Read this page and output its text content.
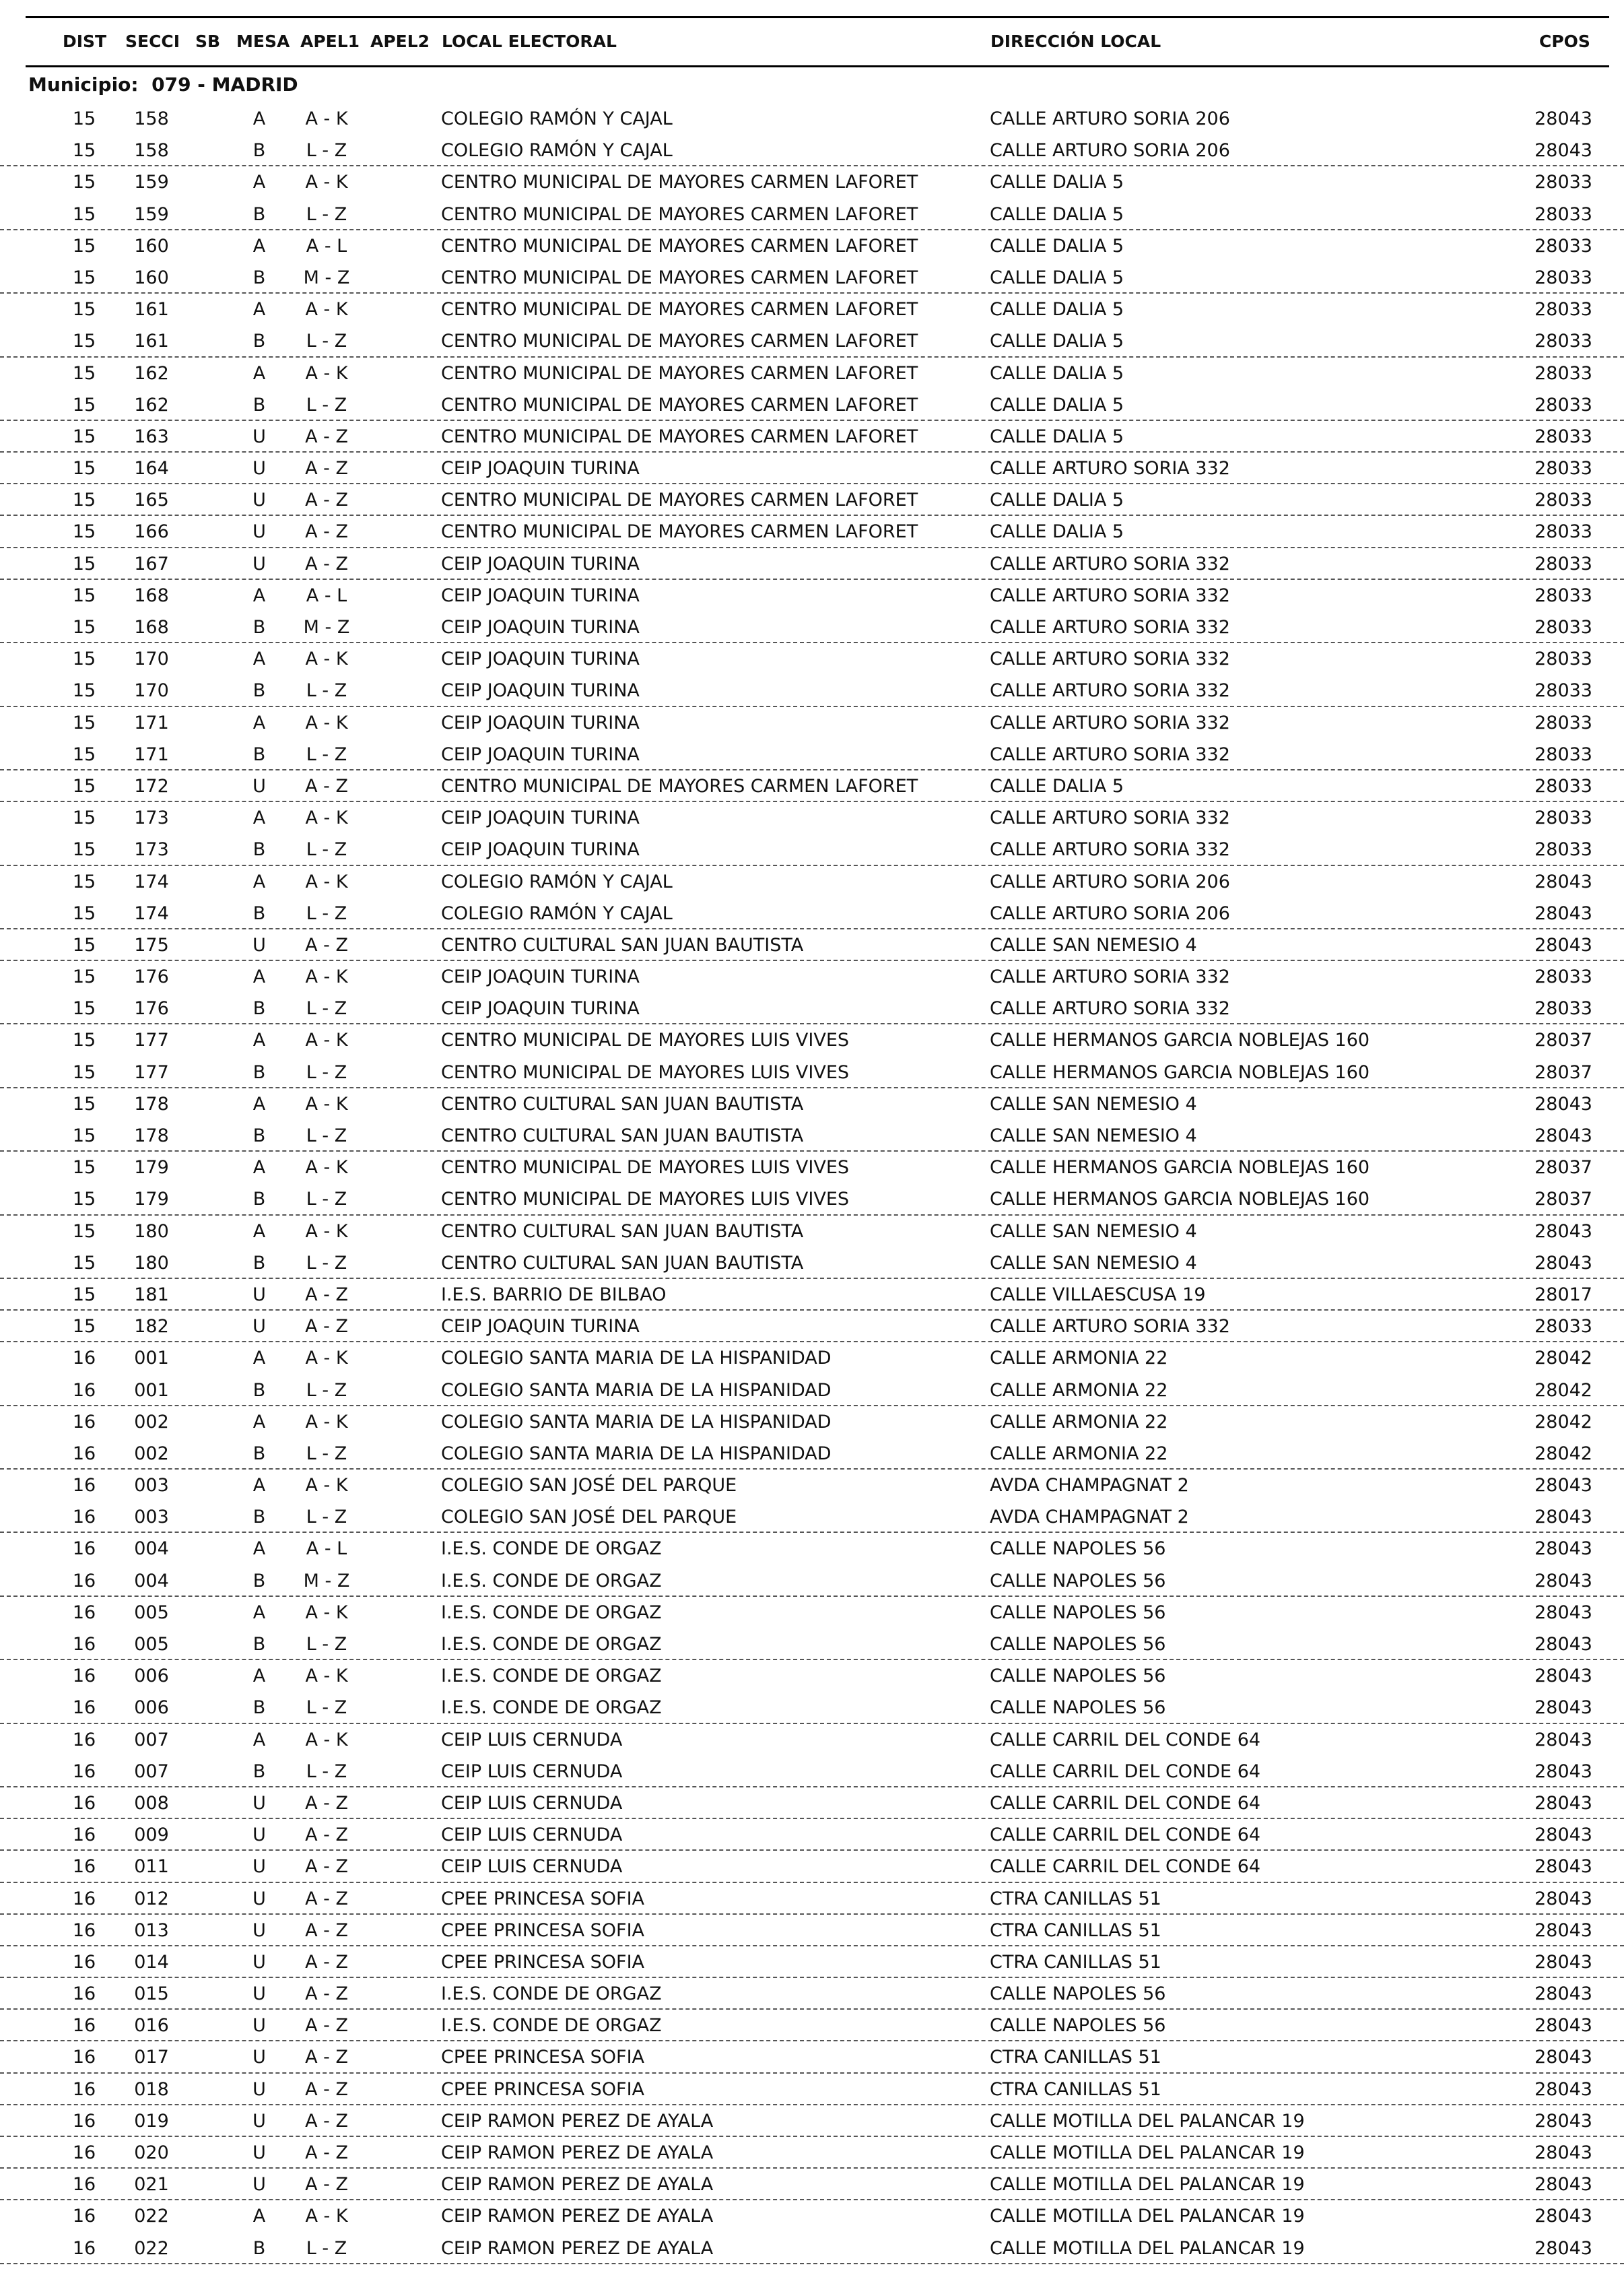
DIST SECCI SB MESA APEL1 APEL2 LOCAL ELECTORAL	DIRECCIÓN LOCAL	CPOS
Municipio: 079 - MADRID
15	158	A	A - K	COLEGIO RAMÓN Y CAJAL	CALLE ARTURO SORIA 206	28043
15	158	B	L - Z	COLEGIO RAMÓN Y CAJAL	CALLE ARTURO SORIA 206	28043
15	159	A	A - K	CENTRO MUNICIPAL DE MAYORES CARMEN LAFORET	CALLE DALIA 5	28033
15	159	B	L - Z	CENTRO MUNICIPAL DE MAYORES CARMEN LAFORET	CALLE DALIA 5	28033
15	160	A	A - L	CENTRO MUNICIPAL DE MAYORES CARMEN LAFORET	CALLE DALIA 5	28033
15	160	B	M - Z	CENTRO MUNICIPAL DE MAYORES CARMEN LAFORET	CALLE DALIA 5	28033
15	161	A	A - K	CENTRO MUNICIPAL DE MAYORES CARMEN LAFORET	CALLE DALIA 5	28033
15	161	B	L - Z	CENTRO MUNICIPAL DE MAYORES CARMEN LAFORET	CALLE DALIA 5	28033
15	162	A	A - K	CENTRO MUNICIPAL DE MAYORES CARMEN LAFORET	CALLE DALIA 5	28033
15	162	B	L - Z	CENTRO MUNICIPAL DE MAYORES CARMEN LAFORET	CALLE DALIA 5	28033
15	163	U	A - Z	CENTRO MUNICIPAL DE MAYORES CARMEN LAFORET	CALLE DALIA 5	28033
15	164	U	A - Z	CEIP JOAQUIN TURINA	CALLE ARTURO SORIA 332	28033
15	165	U	A - Z	CENTRO MUNICIPAL DE MAYORES CARMEN LAFORET	CALLE DALIA 5	28033
15	166	U	A - Z	CENTRO MUNICIPAL DE MAYORES CARMEN LAFORET	CALLE DALIA 5	28033
15	167	U	A - Z	CEIP JOAQUIN TURINA	CALLE ARTURO SORIA 332	28033
15	168	A	A - L	CEIP JOAQUIN TURINA	CALLE ARTURO SORIA 332	28033
15	168	B	M - Z	CEIP JOAQUIN TURINA	CALLE ARTURO SORIA 332	28033
15	170	A	A - K	CEIP JOAQUIN TURINA	CALLE ARTURO SORIA 332	28033
15	170	B	L - Z	CEIP JOAQUIN TURINA	CALLE ARTURO SORIA 332	28033
15	171	A	A - K	CEIP JOAQUIN TURINA	CALLE ARTURO SORIA 332	28033
15	171	B	L - Z	CEIP JOAQUIN TURINA	CALLE ARTURO SORIA 332	28033
15	172	U	A - Z	CENTRO MUNICIPAL DE MAYORES CARMEN LAFORET	CALLE DALIA 5	28033
15	173	A	A - K	CEIP JOAQUIN TURINA	CALLE ARTURO SORIA 332	28033
15	173	B	L - Z	CEIP JOAQUIN TURINA	CALLE ARTURO SORIA 332	28033
15	174	A	A - K	COLEGIO RAMÓN Y CAJAL	CALLE ARTURO SORIA 206	28043
15	174	B	L - Z	COLEGIO RAMÓN Y CAJAL	CALLE ARTURO SORIA 206	28043
15	175	U	A - Z	CENTRO CULTURAL SAN JUAN BAUTISTA	CALLE SAN NEMESIO 4	28043
15	176	A	A - K	CEIP JOAQUIN TURINA	CALLE ARTURO SORIA 332	28033
15	176	B	L - Z	CEIP JOAQUIN TURINA	CALLE ARTURO SORIA 332	28033
15	177	A	A - K	CENTRO MUNICIPAL DE MAYORES LUIS VIVES	CALLE HERMANOS GARCIA NOBLEJAS 160	28037
15	177	B	L - Z	CENTRO MUNICIPAL DE MAYORES LUIS VIVES	CALLE HERMANOS GARCIA NOBLEJAS 160	28037
15	178	A	A - K	CENTRO CULTURAL SAN JUAN BAUTISTA	CALLE SAN NEMESIO 4	28043
15	178	B	L - Z	CENTRO CULTURAL SAN JUAN BAUTISTA	CALLE SAN NEMESIO 4	28043
15	179	A	A - K	CENTRO MUNICIPAL DE MAYORES LUIS VIVES	CALLE HERMANOS GARCIA NOBLEJAS 160	28037
15	179	B	L - Z	CENTRO MUNICIPAL DE MAYORES LUIS VIVES	CALLE HERMANOS GARCIA NOBLEJAS 160	28037
15	180	A	A - K	CENTRO CULTURAL SAN JUAN BAUTISTA	CALLE SAN NEMESIO 4	28043
15	180	B	L - Z	CENTRO CULTURAL SAN JUAN BAUTISTA	CALLE SAN NEMESIO 4	28043
15	181	U	A - Z	I.E.S. BARRIO DE BILBAO	CALLE VILLAESCUSA 19	28017
15	182	U	A - Z	CEIP JOAQUIN TURINA	CALLE ARTURO SORIA 332	28033
16	001	A	A - K	COLEGIO SANTA MARIA DE LA HISPANIDAD	CALLE ARMONIA 22	28042
16	001	B	L - Z	COLEGIO SANTA MARIA DE LA HISPANIDAD	CALLE ARMONIA 22	28042
16	002	A	A - K	COLEGIO SANTA MARIA DE LA HISPANIDAD	CALLE ARMONIA 22	28042
16	002	B	L - Z	COLEGIO SANTA MARIA DE LA HISPANIDAD	CALLE ARMONIA 22	28042
16	003	A	A - K	COLEGIO SAN JOSÉ DEL PARQUE	AVDA CHAMPAGNAT 2	28043
16	003	B	L - Z	COLEGIO SAN JOSÉ DEL PARQUE	AVDA CHAMPAGNAT 2	28043
16	004	A	A - L	I.E.S. CONDE DE ORGAZ	CALLE NAPOLES 56	28043
16	004	B	M - Z	I.E.S. CONDE DE ORGAZ	CALLE NAPOLES 56	28043
16	005	A	A - K	I.E.S. CONDE DE ORGAZ	CALLE NAPOLES 56	28043
16	005	B	L - Z	I.E.S. CONDE DE ORGAZ	CALLE NAPOLES 56	28043
16	006	A	A - K	I.E.S. CONDE DE ORGAZ	CALLE NAPOLES 56	28043
16	006	B	L - Z	I.E.S. CONDE DE ORGAZ	CALLE NAPOLES 56	28043
16	007	A	A - K	CEIP LUIS CERNUDA	CALLE CARRIL DEL CONDE 64	28043
16	007	B	L - Z	CEIP LUIS CERNUDA	CALLE CARRIL DEL CONDE 64	28043
16	008	U	A - Z	CEIP LUIS CERNUDA	CALLE CARRIL DEL CONDE 64	28043
16	009	U	A - Z	CEIP LUIS CERNUDA	CALLE CARRIL DEL CONDE 64	28043
16	011	U	A - Z	CEIP LUIS CERNUDA	CALLE CARRIL DEL CONDE 64	28043
16	012	U	A - Z	CPEE PRINCESA SOFIA	CTRA CANILLAS 51	28043
16	013	U	A - Z	CPEE PRINCESA SOFIA	CTRA CANILLAS 51	28043
16	014	U	A - Z	CPEE PRINCESA SOFIA	CTRA CANILLAS 51	28043
16	015	U	A - Z	I.E.S. CONDE DE ORGAZ	CALLE NAPOLES 56	28043
16	016	U	A - Z	I.E.S. CONDE DE ORGAZ	CALLE NAPOLES 56	28043
16	017	U	A - Z	CPEE PRINCESA SOFIA	CTRA CANILLAS 51	28043
16	018	U	A - Z	CPEE PRINCESA SOFIA	CTRA CANILLAS 51	28043
16	019	U	A - Z	CEIP RAMON PEREZ DE AYALA	CALLE MOTILLA DEL PALANCAR 19	28043
16	020	U	A - Z	CEIP RAMON PEREZ DE AYALA	CALLE MOTILLA DEL PALANCAR 19	28043
16	021	U	A - Z	CEIP RAMON PEREZ DE AYALA	CALLE MOTILLA DEL PALANCAR 19	28043
16	022	A	A - K	CEIP RAMON PEREZ DE AYALA	CALLE MOTILLA DEL PALANCAR 19	28043
16	022	B	L - Z	CEIP RAMON PEREZ DE AYALA	CALLE MOTILLA DEL PALANCAR 19	28043
